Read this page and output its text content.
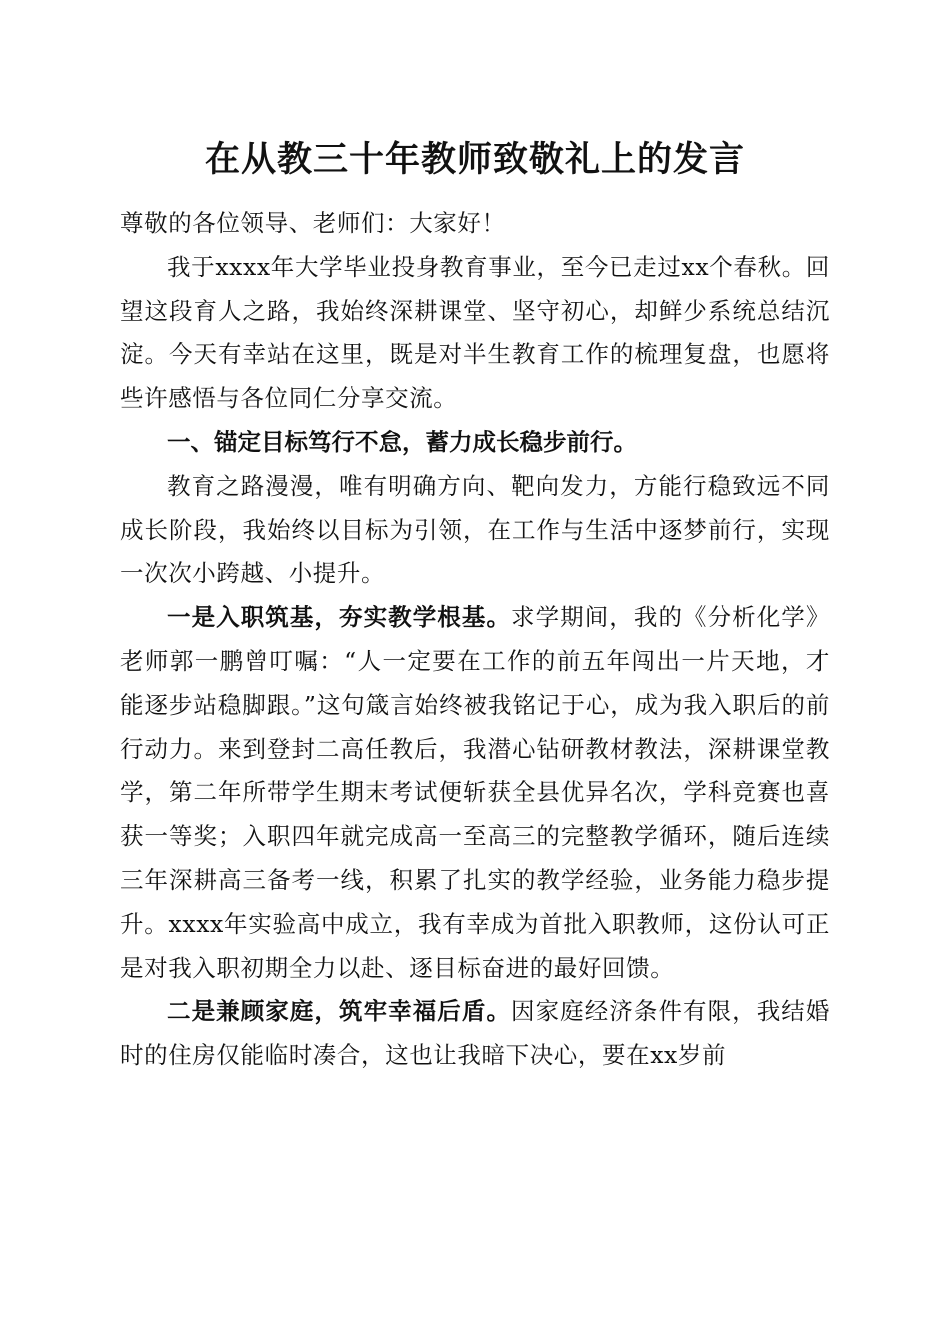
在从教三十年教师致敬礼上的发言

尊敬的各位领导、老师们：大家好！

我于xxxx年大学毕业投身教育事业，至今已走过xx个春秋。回望这段育人之路，我始终深耕课堂、坚守初心，却鲜少系统总结沉淀。今天有幸站在这里，既是对半生教育工作的梳理复盘，也愿将些许感悟与各位同仁分享交流。

一、锚定目标笃行不怠，蓄力成长稳步前行。

教育之路漫漫，唯有明确方向、靶向发力，方能行稳致远不同成长阶段，我始终以目标为引领，在工作与生活中逐梦前行，实现一次次小跨越、小提升。

一是入职筑基，夯实教学根基。求学期间，我的《分析化学》老师郭一鹏曾叮嘱：“人一定要在工作的前五年闯出一片天地，才能逐步站稳脚跟。”这句箴言始终被我铭记于心，成为我入职后的前行动力。来到登封二高任教后，我潜心钻研教材教法，深耕课堂教学，第二年所带学生期末考试便斩获全县优异名次，学科竞赛也喜获一等奖；入职四年就完成高一至高三的完整教学循环，随后连续三年深耕高三备考一线，积累了扎实的教学经验，业务能力稳步提升。xxxx年实验高中成立，我有幸成为首批入职教师，这份认可正是对我入职初期全力以赴、逐目标奋进的最好回馈。

二是兼顾家庭，筑牢幸福后盾。因家庭经济条件有限，我结婚时的住房仅能临时凑合，这也让我暗下决心，要在xx岁前
